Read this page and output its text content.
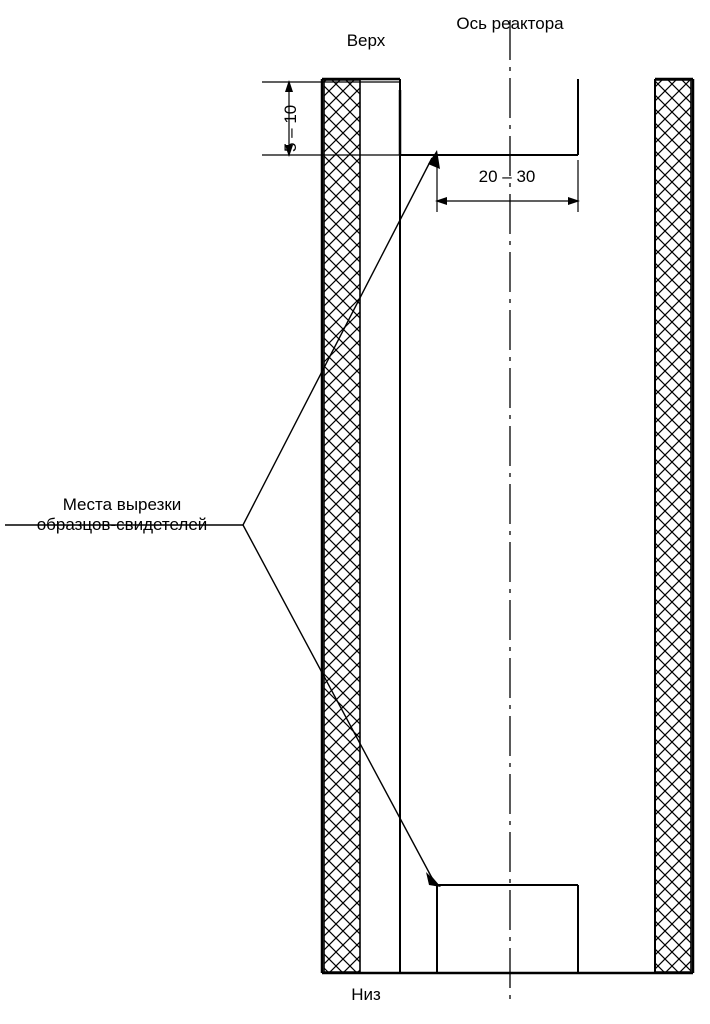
Верх
Низ
Ось реактора
5 – 10
20 – 30
Места вырезки
образцов-свидетелей
